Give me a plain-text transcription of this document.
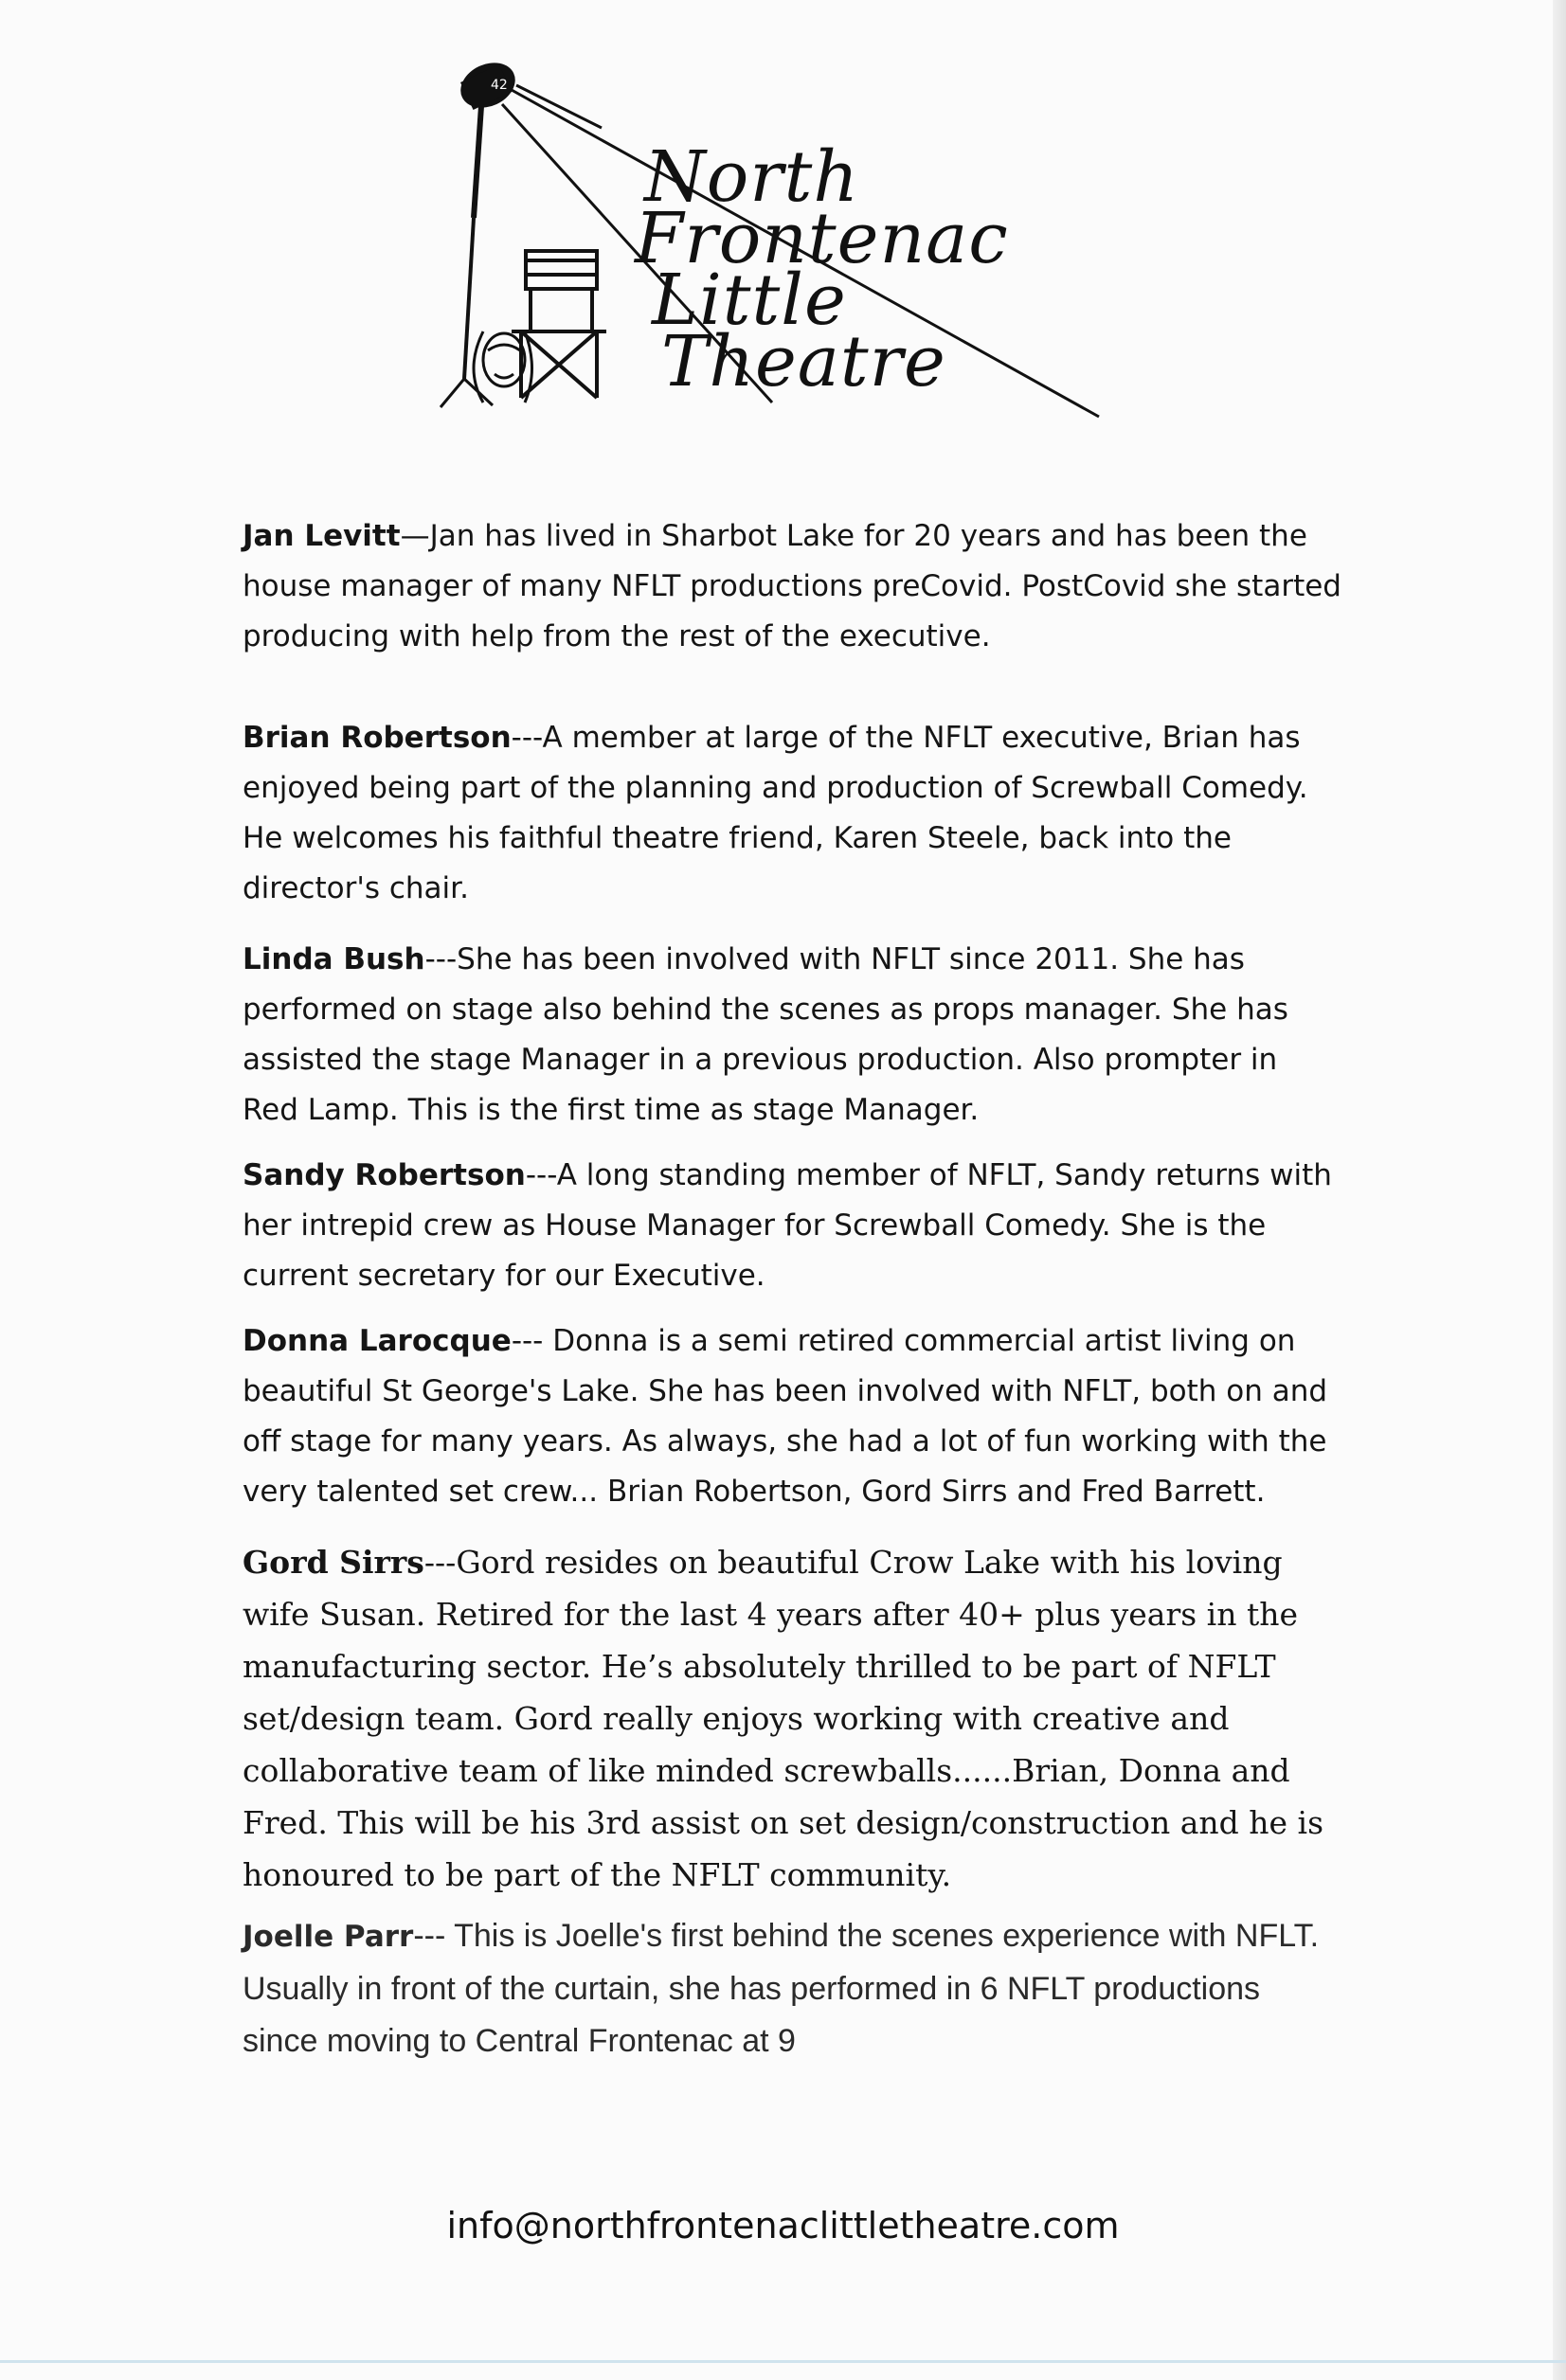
42
North
Frontenac
Little
Theatre

Jan Levitt—Jan has lived in Sharbot Lake for 20 years and has been the house manager of many NFLT productions preCovid. PostCovid she started producing with help from the rest of the executive.

Brian Robertson---A member at large of the NFLT executive, Brian has enjoyed being part of the planning and production of Screwball Comedy. He welcomes his faithful theatre friend, Karen Steele, back into the director's chair.

Linda Bush---She has been involved with NFLT since 2011. She has performed on stage also behind the scenes as props manager. She has assisted the stage Manager in a previous production. Also prompter in Red Lamp. This is the first time as stage Manager.

Sandy Robertson---A long standing member of NFLT, Sandy returns with her intrepid crew as House Manager for Screwball Comedy. She is the current secretary for our Executive.

Donna Larocque--- Donna is a semi retired commercial artist living on beautiful St George's Lake. She has been involved with NFLT, both on and off stage for many years. As always, she had a lot of fun working with the very talented set crew... Brian Robertson, Gord Sirrs and Fred Barrett.

Gord Sirrs---Gord resides on beautiful Crow Lake with his loving wife Susan. Retired for the last 4 years after 40+ plus years in the manufacturing sector. He’s absolutely thrilled to be part of NFLT set/design team. Gord really enjoys working with creative and collaborative team of like minded screwballs......Brian, Donna and Fred. This will be his 3rd assist on set design/construction and he is honoured to be part of the NFLT community.

Joelle Parr--- This is Joelle's first behind the scenes experience with NFLT. Usually in front of the curtain, she has performed in 6 NFLT productions since moving to Central Frontenac at 9

info@northfrontenaclittletheatre.com
